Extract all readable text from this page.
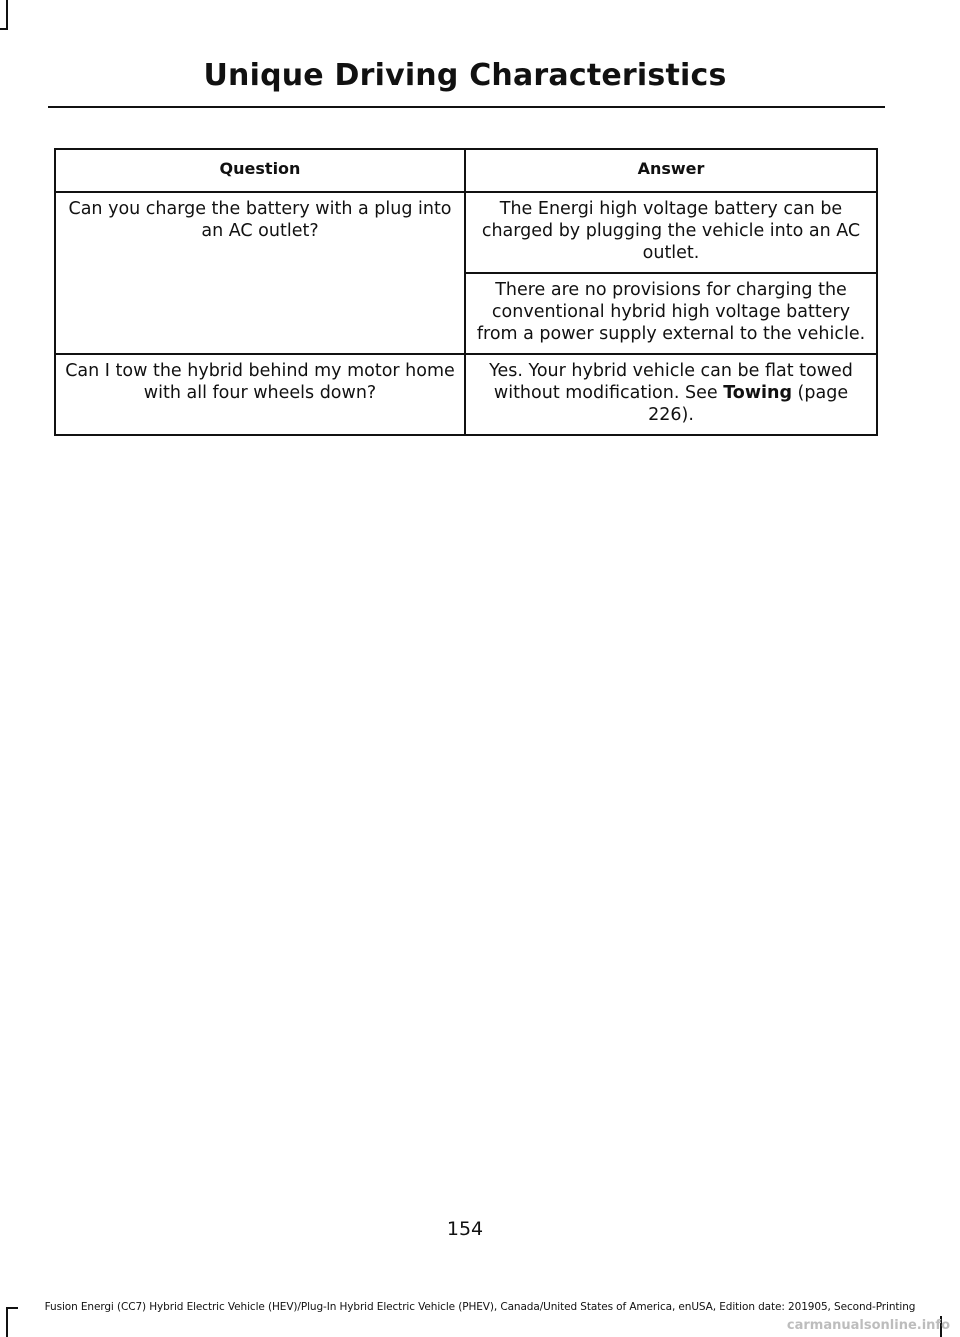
Unique Driving Characteristics
Question	Answer
Can you charge the battery with a plug into an AC outlet?	The Energi high voltage battery can be charged by plugging the vehicle into an AC outlet.
	There are no provisions for charging the conventional hybrid high voltage battery from a power supply external to the vehicle.
Can I tow the hybrid behind my motor home with all four wheels down?	Yes. Your hybrid vehicle can be flat towed without modification. See Towing (page 226).
154
Fusion Energi (CC7) Hybrid Electric Vehicle (HEV)/Plug-In Hybrid Electric Vehicle (PHEV), Canada/United States of America, enUSA, Edition date: 201905, Second-Printing
carmanualsonline.info
